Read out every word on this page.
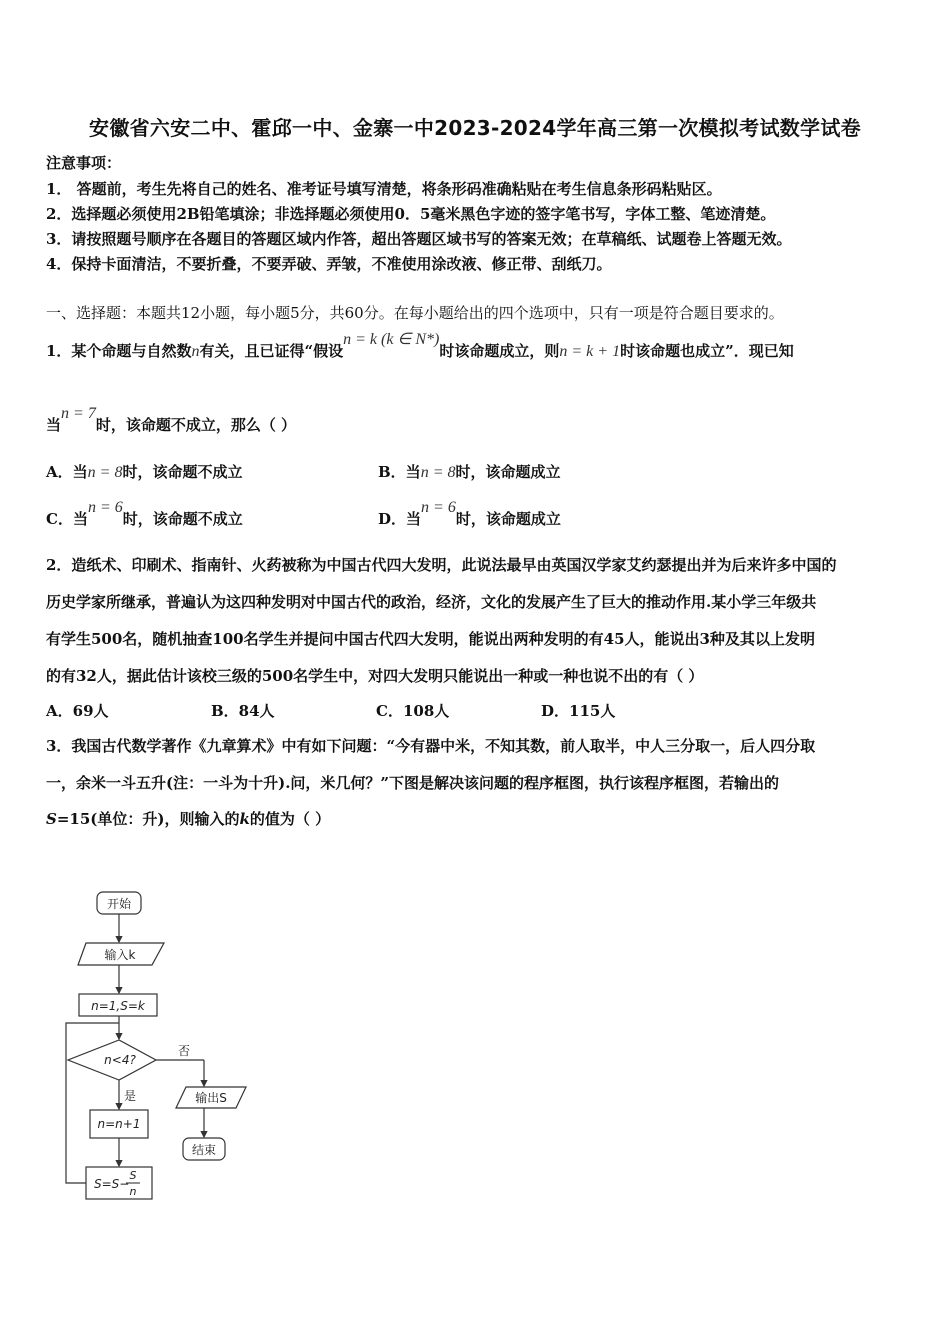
安徽省六安二中、霍邱一中、金寨一中2023-2024学年高三第一次模拟考试数学试卷
注意事项：
1． 答题前，考生先将自己的姓名、准考证号填写清楚，将条形码准确粘贴在考生信息条形码粘贴区。
2．选择题必须使用2B铅笔填涂；非选择题必须使用0．5毫米黑色字迹的签字笔书写，字体工整、笔迹清楚。
3．请按照题号顺序在各题目的答题区域内作答，超出答题区域书写的答案无效；在草稿纸、试题卷上答题无效。
4．保持卡面清洁，不要折叠，不要弄破、弄皱，不准使用涂改液、修正带、刮纸刀。
一、选择题：本题共12小题，每小题5分，共60分。在每小题给出的四个选项中，只有一项是符合题目要求的。
1．某个命题与自然数n有关，且已证得“假设n = k (k ∈ N*)时该命题成立，则n = k + 1时该命题也成立”．现已知
当n = 7时，该命题不成立，那么（ ）
A．当n = 8时，该命题不成立	B．当n = 8时，该命题成立
C．当n = 6时，该命题不成立	D．当n = 6时，该命题成立
2．造纸术、印刷术、指南针、火药被称为中国古代四大发明，此说法最早由英国汉学家艾约瑟提出并为后来许多中国的
历史学家所继承，普遍认为这四种发明对中国古代的政治，经济，文化的发展产生了巨大的推动作用.某小学三年级共
有学生500名，随机抽查100名学生并提问中国古代四大发明，能说出两种发明的有45人，能说出3种及其以上发明
的有32人，据此估计该校三级的500名学生中，对四大发明只能说出一种或一种也说不出的有（ ）
A．69人	B．84人	C．108人	D．115人
3．我国古代数学著作《九章算术》中有如下问题：“今有器中米，不知其数，前人取半，中人三分取一，后人四分取
一，余米一斗五升(注：一斗为十升).问，米几何？”下图是解决该问题的程序框图，执行该程序框图，若输出的
S=15(单位：升)，则输入的k的值为（ ）
开始
输入k
n=1,S=k
n<4?
否
是	输出S
结束
n=n+1
S=S−
S
n
